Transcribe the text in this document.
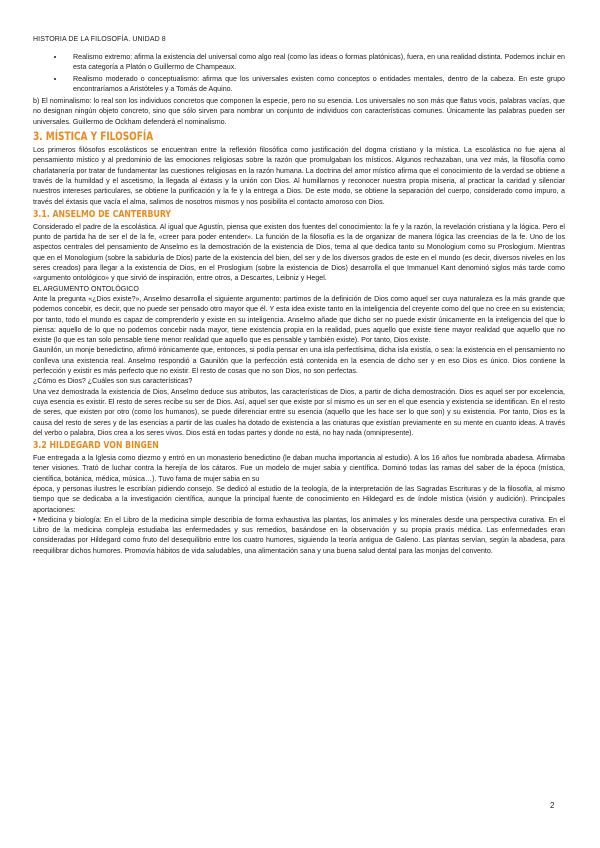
HISTORIA DE LA FILOSOFÍA. UNIDAD 8
• Realismo extremo: afirma la existencia del universal como algo real (como las ideas o formas platónicas), fuera, en una realidad distinta. Podemos incluir en esta categoría a Platón o Guillermo de Champeaux.
• Realismo moderado o conceptualismo: afirma que los universales existen como conceptos o entidades mentales, dentro de la cabeza. En este grupo encontraríamos a Aristóteles y a Tomás de Aquino.

b) El nominalismo: lo real son los individuos concretos que componen la especie, pero no su esencia. Los universales no son más que flatus vocis, palabras vacías, que no designan ningún objeto concreto, sino que sólo sirven para nombrar un conjunto de individuos con características comunes. Únicamente las palabras pueden ser universales. Guillermo de Ockham defenderá el nominalismo.

3. MÍSTICA Y FILOSOFÍA

Los primeros filósofos escolásticos se encuentran entre la reflexión filosófica como justificación del dogma cristiano y la mística. La escolástica no fue ajena al pensamiento místico y al predominio de las emociones religiosas sobre la razón que promulgaban los místicos. Algunos rechazaban, una vez más, la filosofía como charlatanería por tratar de fundamentar las cuestiones religiosas en la razón humana. La doctrina del amor místico afirma que el conocimiento de la verdad se obtiene a través de la humildad y el ascetismo, la llegada al éxtasis y la unión con Dios. Al humillarnos y reconocer nuestra propia miseria, al practicar la caridad y silenciar nuestros intereses particulares, se obtiene la purificación y la fe y la entrega a Dios. De este modo, se obtiene la separación del cuerpo, considerado como impuro, a través del éxtasis que vacía el alma, salimos de nosotros mismos y nos posibilita el contacto amoroso con Dios.

3.1. ANSELMO DE CANTERBURY

Considerado el padre de la escolástica. Al igual que Agustín, piensa que existen dos fuentes del conocimiento: la fe y la razón, la revelación cristiana y la lógica. Pero el punto de partida ha de ser el de la fe, «creer para poder entender». La función de la filosofía es la de organizar de manera lógica las creencias de la fe. Uno de los aspectos centrales del pensamiento de Anselmo es la demostración de la existencia de Dios, tema al que dedica tanto su Monologium como su Proslogium. Mientras que en el Monologium (sobre la sabiduría de Dios) parte de la existencia del bien, del ser y de los diversos grados de este en el mundo (es decir, diversos niveles en los seres creados) para llegar a la existencia de Dios, en el Proslogium (sobre la existencia de Dios) desarrolla el que Immanuel Kant denominó siglos más tarde como «argumento ontológico» y que sirvió de inspiración, entre otros, a Descartes, Leibniz y Hegel.

EL ARGUMENTO ONTOLÓGICO

Ante la pregunta «¿Dios existe?», Anselmo desarrolla el siguiente argumento: partimos de la definición de Dios como aquel ser cuya naturaleza es la más grande que podemos concebir, es decir, que no puede ser pensado otro mayor que él. Y esta idea existe tanto en la inteligencia del creyente como del que no cree en su existencia; por tanto, todo el mundo es capaz de comprenderlo y existe en su inteligencia. Anselmo añade que dicho ser no puede existir únicamente en la inteligencia del que lo piensa: aquello de lo que no podemos concebir nada mayor, tiene existencia propia en la realidad, pues aquello que existe tiene mayor realidad que aquello que no existe (lo que es tan solo pensable tiene menor realidad que aquello que es pensable y también existe). Por tanto, Dios existe.

Gaunilón, un monje benedictino, afirmó irónicamente que, entonces, si podía pensar en una isla perfectísima, dicha isla existía, o sea: la existencia en el pensamiento no conlleva una existencia real. Anselmo respondió a Gaunilón que la perfección está contenida en la esencia de dicho ser y en eso Dios es único. Dios contiene la perfección y existir es más perfecto que no existir. El resto de cosas que no son Dios, no son perfectas.

¿Cómo es Dios? ¿Cuáles son sus características?

Una vez demostrada la existencia de Dios, Anselmo deduce sus atributos, las características de Dios, a partir de dicha demostración. Dios es aquel ser por excelencia, cuya esencia es existir. El resto de seres recibe su ser de Dios. Así, aquel ser que existe por sí mismo es un ser en el que esencia y existencia se identifican. En el resto de seres, que existen por otro (como los humanos), se puede diferenciar entre su esencia (aquello que les hace ser lo que son) y su existencia. Por tanto, Dios es la causa del resto de seres y de las esencias a partir de las cuales ha dotado de existencia a las criaturas que existían previamente en su mente en cuanto ideas. A través del verbo o palabra, Dios crea a los seres vivos. Dios está en todas partes y donde no está, no hay nada (omnipresente).

3.2 HILDEGARD VON BINGEN

Fue entregada a la Iglesia como diezmo y entró en un monasterio benedictino (le daban mucha importancia al estudio). A los 16 años fue nombrada abadesa. Afirmaba tener visiones. Trató de luchar contra la herejía de los cátaros. Fue un modelo de mujer sabia y científica. Dominó todas las ramas del saber de la época (mística, científica, botánica, médica, música…). Tuvo fama de mujer sabia en su

época, y personas ilustres le escribían pidiendo consejo. Se dedicó al estudio de la teología, de la interpretación de las Sagradas Escrituras y de la filosofía, al mismo tiempo que se dedicaba a la investigación científica, aunque la principal fuente de conocimiento en Hildegard es de índole mística (visión y audición). Principales aportaciones:

• Medicina y biología: En el Libro de la medicina simple describía de forma exhaustiva las plantas, los animales y los minerales desde una perspectiva curativa. En el Libro de la medicina compleja estudiaba las enfermedades y sus remedios, basándose en la observación y su propia praxis médica. Las enfermedades eran consideradas por Hildegard como fruto del desequilibrio entre los cuatro humores, siguiendo la teoría antigua de Galeno. Las plantas servían, según la abadesa, para reequilibrar dichos humores. Promovía hábitos de vida saludables, una alimentación sana y una buena salud dental para las monjas del convento.

2
